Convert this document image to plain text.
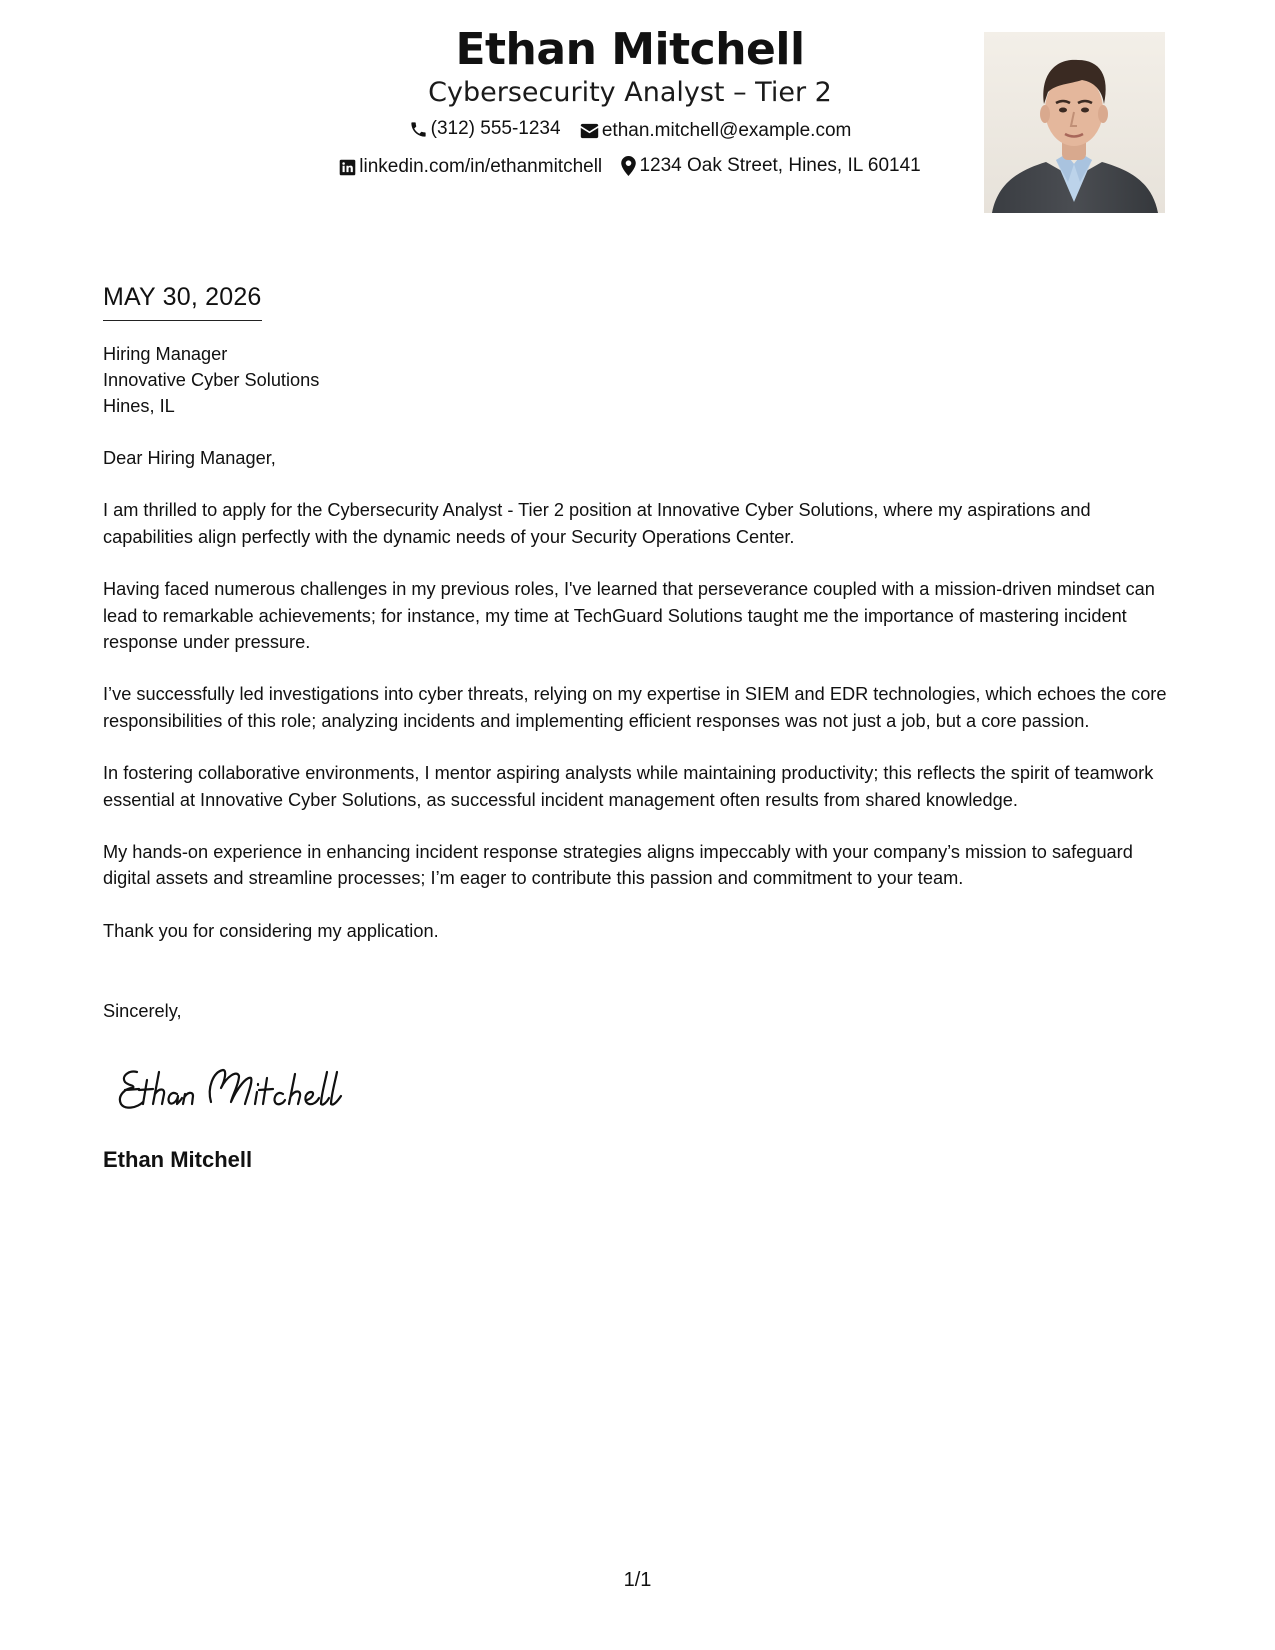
Ethan Mitchell
Cybersecurity Analyst – Tier 2
(312) 555-1234
ethan.mitchell@example.com
linkedin.com/in/ethanmitchell
1234 Oak Street, Hines, IL 60141
MAY 30, 2026
Hiring Manager
Innovative Cyber Solutions
Hines, IL
Dear Hiring Manager,
I am thrilled to apply for the Cybersecurity Analyst - Tier 2 position at Innovative Cyber Solutions, where my aspirations and capabilities align perfectly with the dynamic needs of your Security Operations Center.
Having faced numerous challenges in my previous roles, I've learned that perseverance coupled with a mission-driven mindset can lead to remarkable achievements; for instance, my time at TechGuard Solutions taught me the importance of mastering incident response under pressure.
I’ve successfully led investigations into cyber threats, relying on my expertise in SIEM and EDR technologies, which echoes the core responsibilities of this role; analyzing incidents and implementing efficient responses was not just a job, but a core passion.
In fostering collaborative environments, I mentor aspiring analysts while maintaining productivity; this reflects the spirit of teamwork essential at Innovative Cyber Solutions, as successful incident management often results from shared knowledge.
My hands-on experience in enhancing incident response strategies aligns impeccably with your company’s mission to safeguard digital assets and streamline processes; I’m eager to contribute this passion and commitment to your team.
Thank you for considering my application.
Sincerely,
Ethan Mitchell
1/1
